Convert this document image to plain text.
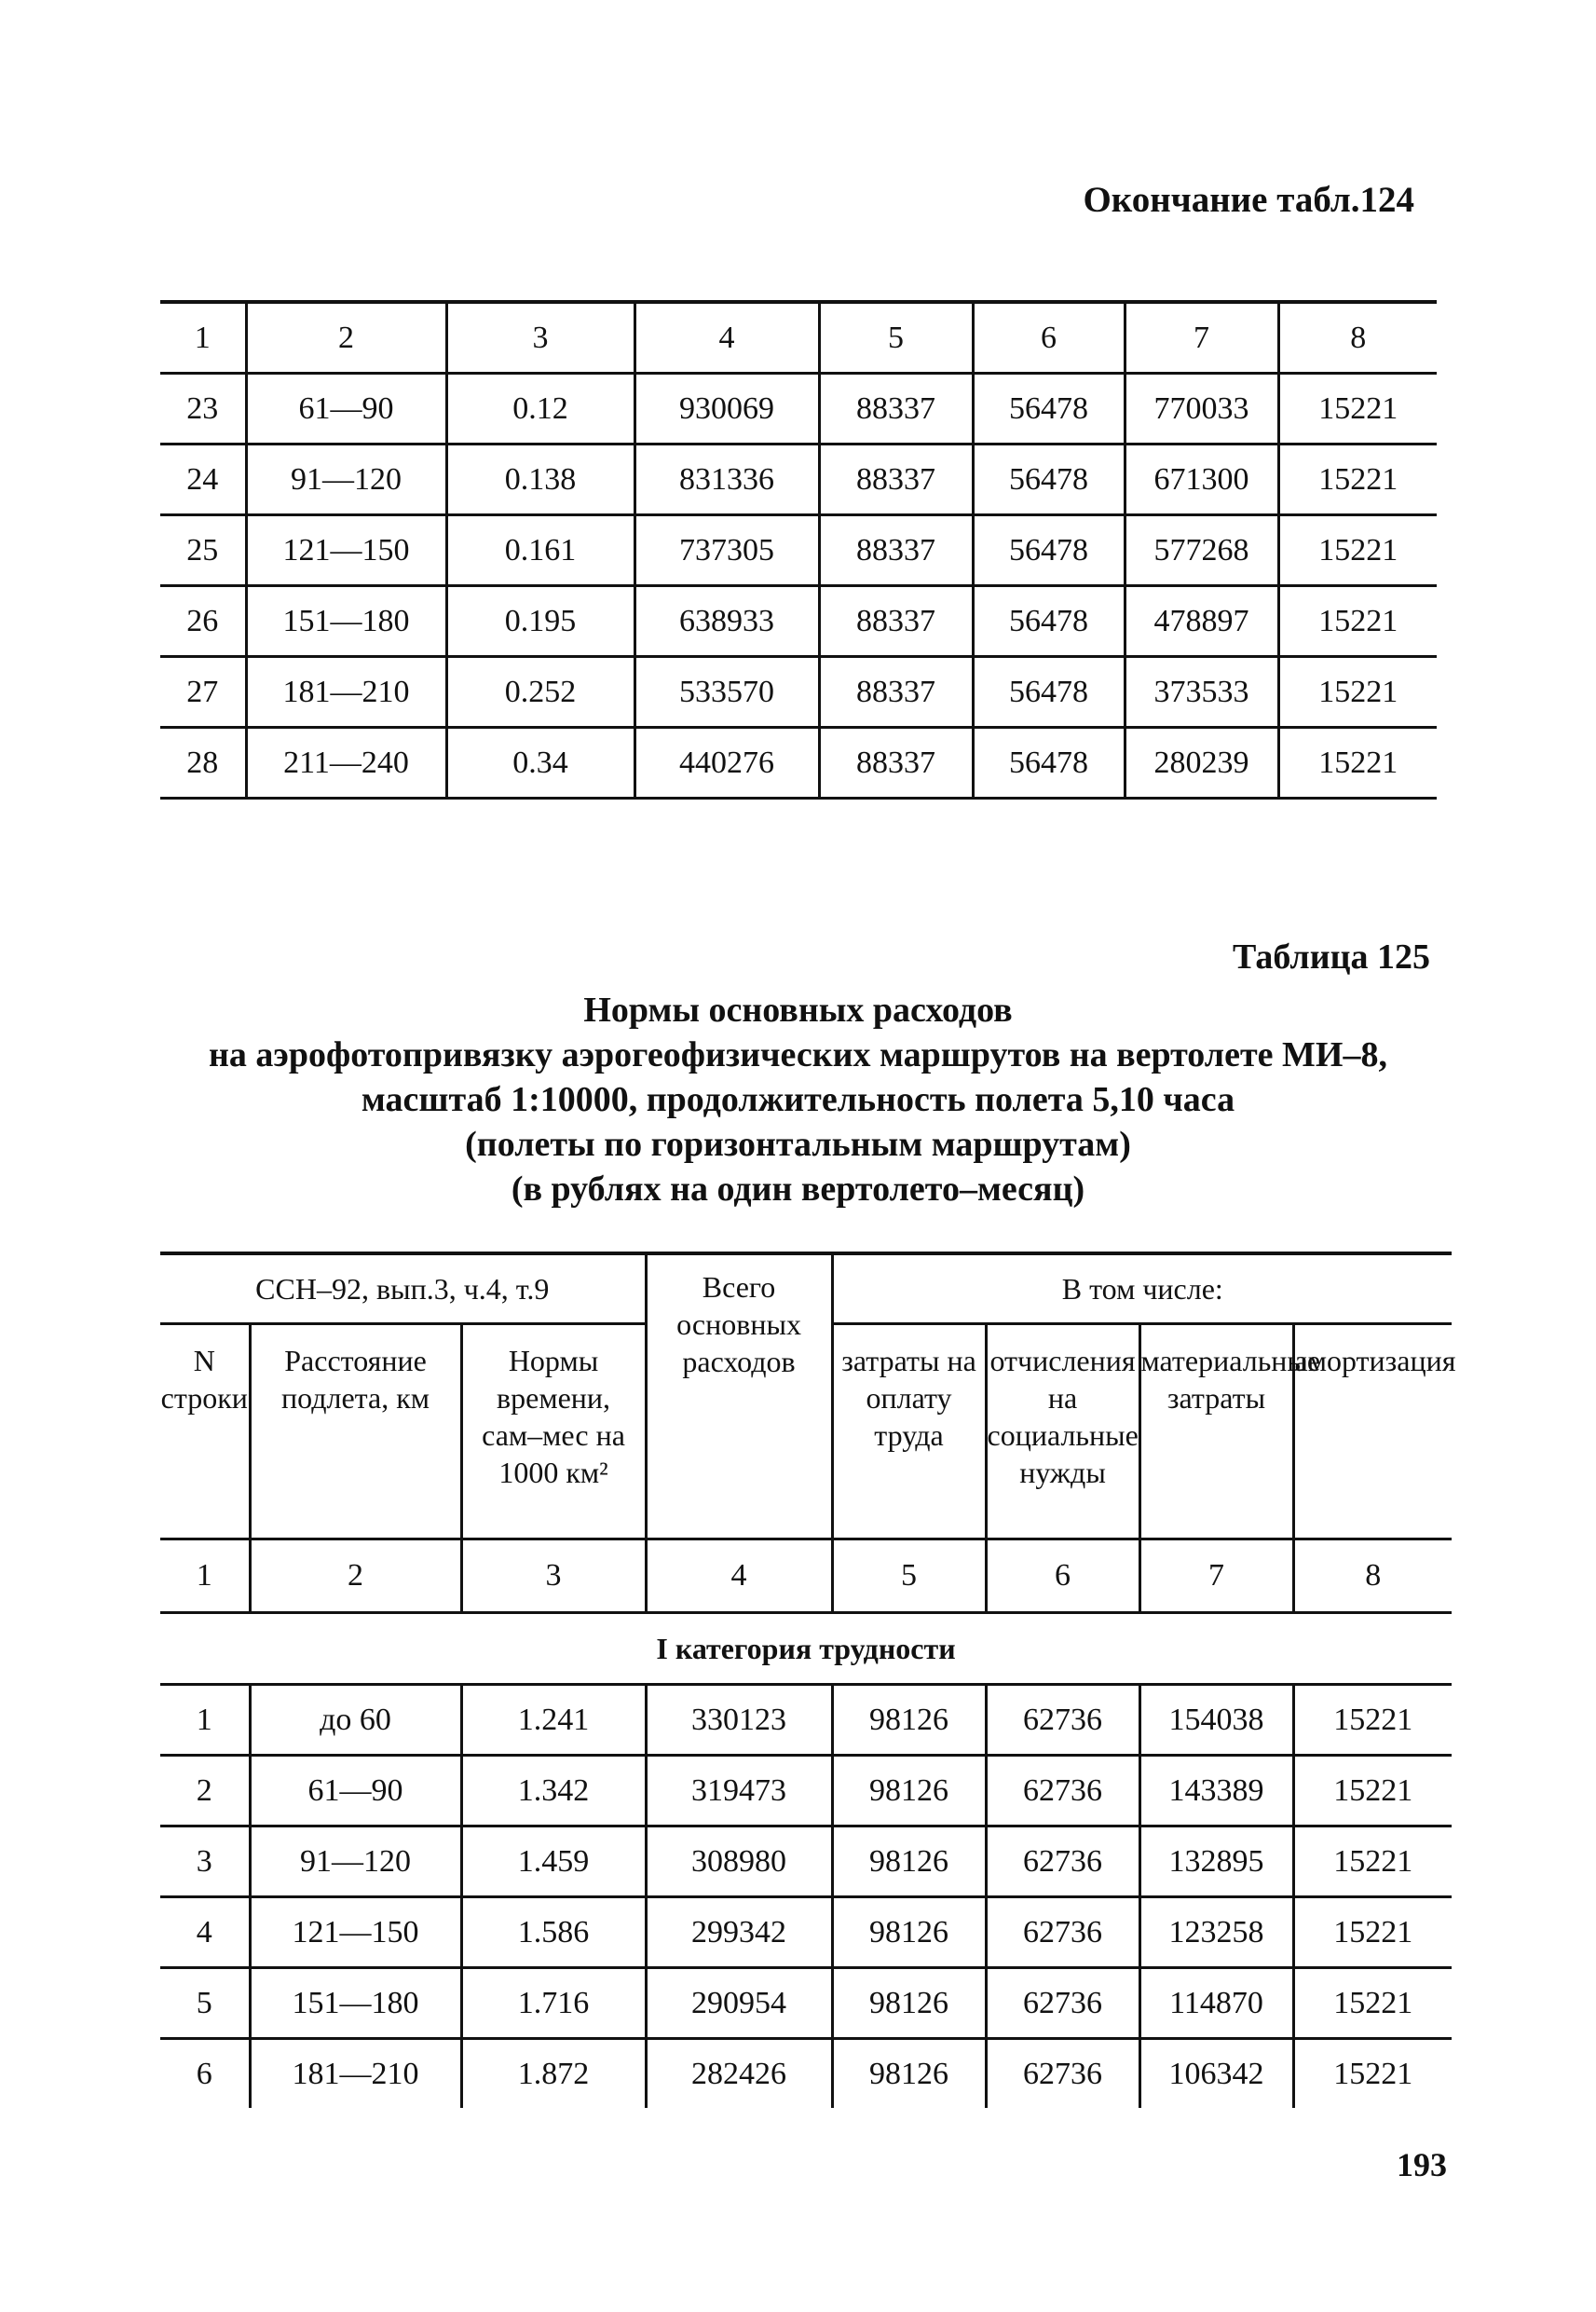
Окончание табл.124
1	2	3	4	5	6	7	8
23	61—90	0.12	930069	88337	56478	770033	15221
24	91—120	0.138	831336	88337	56478	671300	15221
25	121—150	0.161	737305	88337	56478	577268	15221
26	151—180	0.195	638933	88337	56478	478897	15221
27	181—210	0.252	533570	88337	56478	373533	15221
28	211—240	0.34	440276	88337	56478	280239	15221
Таблица 125
Нормы основных расходов
на аэрофотопривязку аэрогеофизических маршрутов на вертолете МИ–8,
масштаб 1:10000, продолжительность полета 5,10 часа
(полеты по горизонтальным маршрутам)
(в рублях на один вертолето–месяц)
ССН–92, вып.3, ч.4, т.9			Всего основных расходов	В том числе:			
N строки	Расстояние подлета, км	Нормы времени, сам–мес на 1000 км²		затраты на оплату труда	отчисления на социальные нужды	материальные затраты	амортизация
1	2	3	4	5	6	7	8
I категория трудности							
1	до 60	1.241	330123	98126	62736	154038	15221
2	61—90	1.342	319473	98126	62736	143389	15221
3	91—120	1.459	308980	98126	62736	132895	15221
4	121—150	1.586	299342	98126	62736	123258	15221
5	151—180	1.716	290954	98126	62736	114870	15221
6	181—210	1.872	282426	98126	62736	106342	15221
193
